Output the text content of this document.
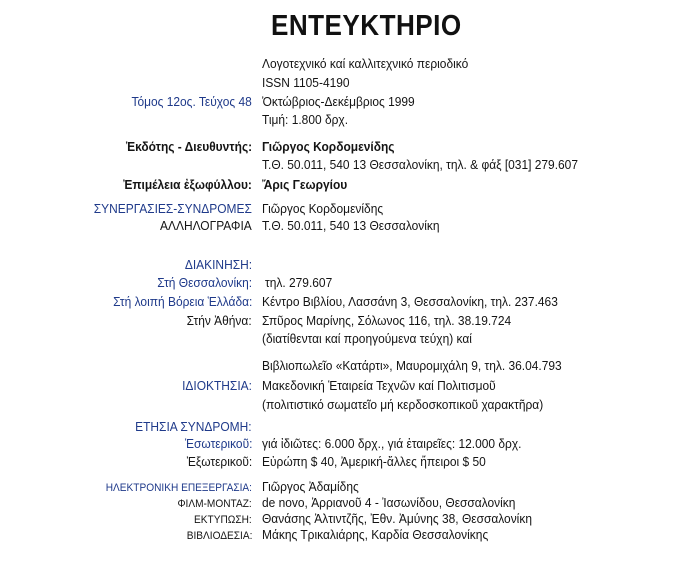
ΕΝΤΕΥΚΤΗΡΙΟ
Λογοτεχνικό καί καλλιτεχνικό περιοδικό
ISSN 1105-4190
Τόμος 12ος. Τεύχος 48 Ὀκτώβριος-Δεκέμβριος 1999
Τιμή: 1.800 δρχ.
Ἐκδότης - Διευθυντής: Γιῶργος Κορδομενίδης
Τ.Θ. 50.011, 540 13 Θεσσαλονίκη, τηλ. & φάξ [031] 279.607
Ἐπιμέλεια ἐξωφύλλου: Ἄρις Γεωργίου
ΣΥΝΕΡΓΑΣΙΕΣ-ΣΥΝΔΡΟΜΕΣ Γιῶργος Κορδομενίδης
ΑΛΛΗΛΟΓΡΑΦΙΑ Τ.Θ. 50.011, 540 13 Θεσσαλονίκη
ΔΙΑΚΙΝΗΣΗ:
Στή Θεσσαλονίκη: τηλ. 279.607
Στή λοιπή Βόρεια Ἑλλάδα: Κέντρο Βιβλίου, Λασσάνη 3, Θεσσαλονίκη, τηλ. 237.463
Στήν Ἀθήνα: Σπῦρος Μαρίνης, Σόλωνος 116, τηλ. 38.19.724
(διατίθενται καί προηγούμενα τεύχη) καί
Βιβλιοπωλεῖο «Κατάρτι», Μαυρομιχάλη 9, τηλ. 36.04.793
ΙΔΙΟΚΤΗΣΙΑ: Μακεδονική Ἑταιρεία Τεχνῶν καί Πολιτισμοῦ
(πολιτιστικό σωματεῖο μή κερδοσκοπικοῦ χαρακτῆρα)
ΕΤΗΣΙΑ ΣΥΝΔΡΟΜΗ:
Ἐσωτερικοῦ: γιά ἰδιῶτες: 6.000 δρχ., γιά ἑταιρεῖες: 12.000 δρχ.
Ἐξωτερικοῦ: Εὐρώπη $ 40, Ἀμερική-ἄλλες ἤπειροι $ 50
ΗΛΕΚΤΡΟΝΙΚΗ ΕΠΕΞΕΡΓΑΣΙΑ: Γιῶργος Ἀδαμίδης
ΦΙΛΜ-ΜΟΝΤΑΖ: de novo, Ἀρριανοῦ 4 - Ἰασωνίδου, Θεσσαλονίκη
ΕΚΤΥΠΩΣΗ: Θανάσης Ἀλτιντζῆς, Ἐθν. Ἀμύνης 38, Θεσσαλονίκη
ΒΙΒΛΙΟΔΕΣΙΑ: Μάκης Τρικαλιάρης, Καρδία Θεσσαλονίκης
